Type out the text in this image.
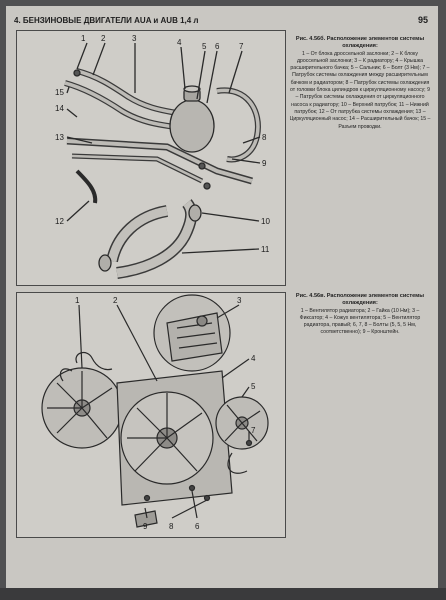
4. БЕНЗИНОВЫЕ ДВИГАТЕЛИ AUA и AUB 1,4 л	95
1 2	3	4	5 6 7
8
9
10
11
12
13
14
15
Рис. 4.56б. Расположение элементов системы охлаждения:
1 – От блока дроссельной заслонки; 2 – К блоку дроссельной заслонки; 3 – К радиатору; 4 – Крышка расширительного бачка; 5 – Сальник; 6 – Болт (3 Нм); 7 – Патрубок системы охлаждения между расширительным бачком и радиатором; 8 – Патрубок системы охлаждения от головки блока цилиндров к циркуляционному насосу; 9 – Патрубок системы охлаждения от циркуляционного насоса к радиатору; 10 – Верхний патрубок; 11 – Нижний патрубок; 12 – От патрубка системы охлаждения; 13 – Циркуляционный насос; 14 – Расширительный бачок; 15 – Разъем проводки.
1	2	3
4
5
6
7
8
9
Рис. 4.56в. Расположение элементов системы охлаждения:
1 – Вентилятор радиатора; 2 – Гайка (10 Нм); 3 – Фиксатор; 4 – Кожух вентилятора; 5 – Вентилятор радиатора, правый; 6, 7, 8 – Болты (5, 5, 5 Нм, соответственно); 9 – Кронштейн.
